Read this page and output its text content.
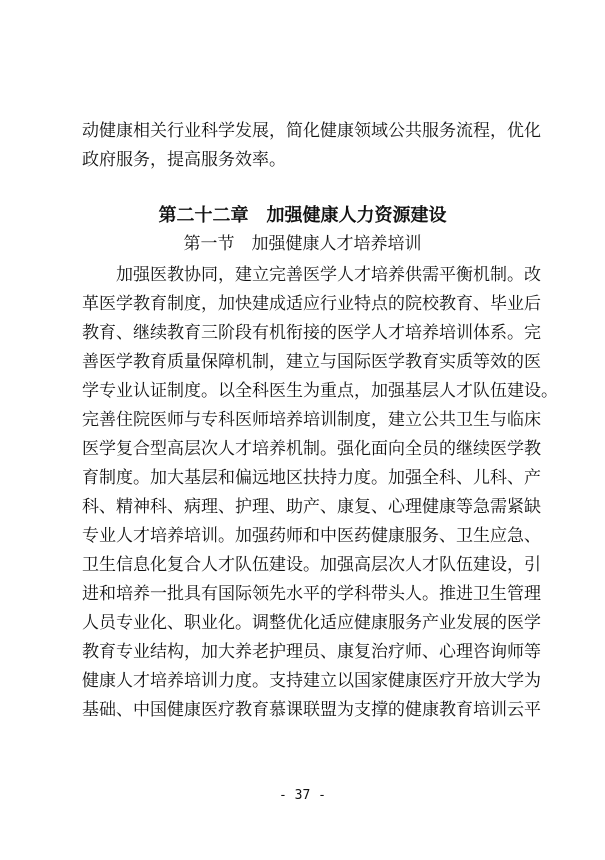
动健康相关行业科学发展，简化健康领域公共服务流程，优化
政府服务，提高服务效率。
第二十二章　加强健康人力资源建设
第一节　加强健康人才培养培训
加强医教协同，建立完善医学人才培养供需平衡机制。改
革医学教育制度，加快建成适应行业特点的院校教育、毕业后
教育、继续教育三阶段有机衔接的医学人才培养培训体系。完
善医学教育质量保障机制，建立与国际医学教育实质等效的医
学专业认证制度。以全科医生为重点，加强基层人才队伍建设。
完善住院医师与专科医师培养培训制度，建立公共卫生与临床
医学复合型高层次人才培养机制。强化面向全员的继续医学教
育制度。加大基层和偏远地区扶持力度。加强全科、儿科、产
科、精神科、病理、护理、助产、康复、心理健康等急需紧缺
专业人才培养培训。加强药师和中医药健康服务、卫生应急、
卫生信息化复合人才队伍建设。加强高层次人才队伍建设，引
进和培养一批具有国际领先水平的学科带头人。推进卫生管理
人员专业化、职业化。调整优化适应健康服务产业发展的医学
教育专业结构，加大养老护理员、康复治疗师、心理咨询师等
健康人才培养培训力度。支持建立以国家健康医疗开放大学为
基础、中国健康医疗教育慕课联盟为支撑的健康教育培训云平
- 37 -
